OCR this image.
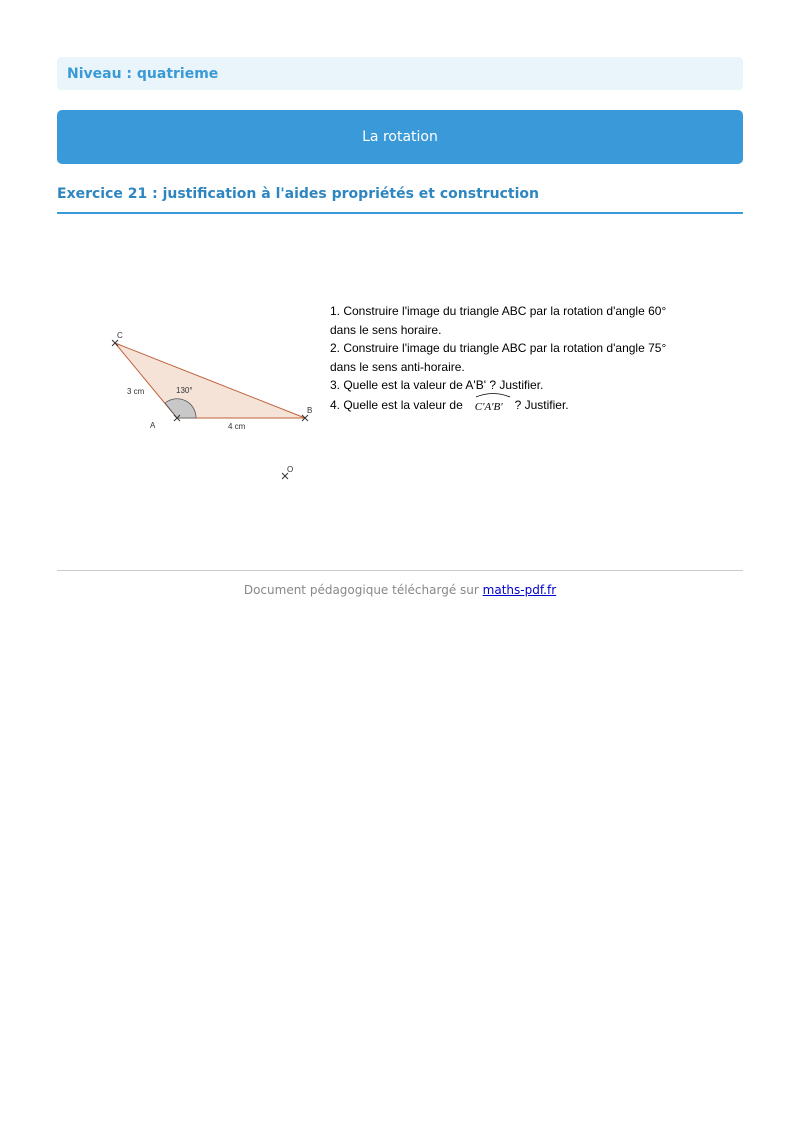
Niveau : quatrieme
La rotation
Exercice 21 : justification à l'aides propriétés et construction
C
A
B
O
3 cm
4 cm
130°
1. Construire l'image du triangle ABC par la rotation d'angle 60°
dans le sens horaire.
2. Construire l'image du triangle ABC par la rotation d'angle 75°
dans le sens anti-horaire.
3. Quelle est la valeur de A'B' ? Justifier.
4. Quelle est la valeur de C'A'B' ? Justifier.
Document pédagogique téléchargé sur maths-pdf.fr
